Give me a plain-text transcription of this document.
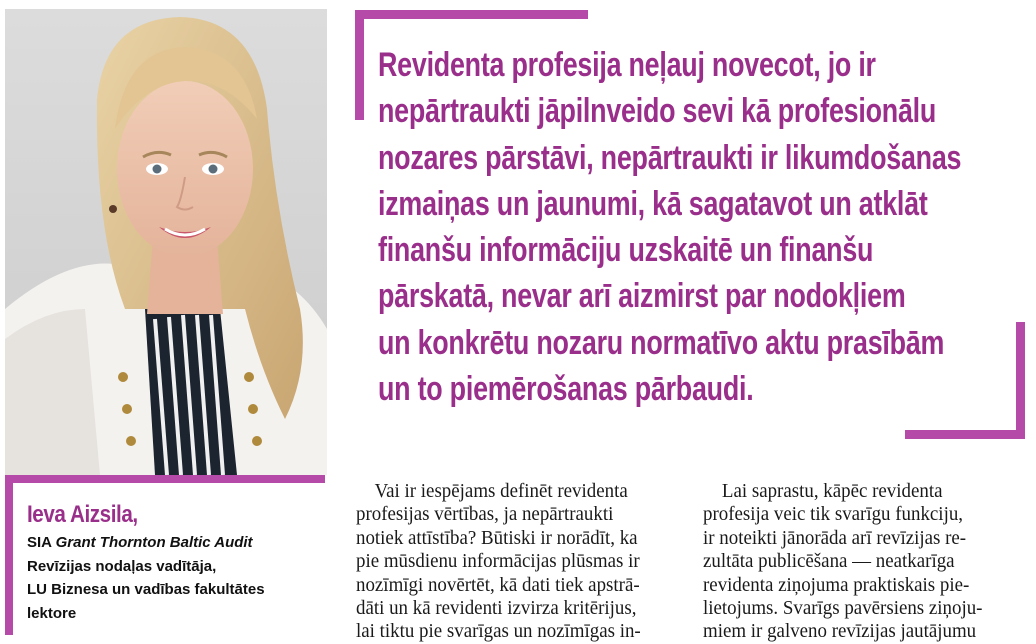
Ieva Aizsila,
SIA Grant Thornton Baltic Audit
Revīzijas nodaļas vadītāja,
LU Biznesa un vadības fakultātes
lektore
Revidenta profesija neļauj novecot, jo ir
nepārtraukti jāpilnveido sevi kā profesionālu
nozares pārstāvi, nepārtraukti ir likumdošanas
izmaiņas un jaunumi, kā sagatavot un atklāt
finanšu informāciju uzskaitē un finanšu
pārskatā, nevar arī aizmirst par nodokļiem
un konkrētu nozaru normatīvo aktu prasībām
un to piemērošanas pārbaudi.
Vai ir iespējams definēt revidenta
profesijas vērtības, ja nepārtraukti
notiek attīstība? Būtiski ir norādīt, ka
pie mūsdienu informācijas plūsmas ir
nozīmīgi novērtēt, kā dati tiek apstrā-
dāti un kā revidenti izvirza kritērijus,
lai tiktu pie svarīgas un nozīmīgas in-
Lai saprastu, kāpēc revidenta
profesija veic tik svarīgu funkciju,
ir noteikti jānorāda arī revīzijas re-
zultāta publicēšana — neatkarīga
revidenta ziņojuma praktiskais pie-
lietojums. Svarīgs pavērsiens ziņoju-
miem ir galveno revīzijas jautājumu
